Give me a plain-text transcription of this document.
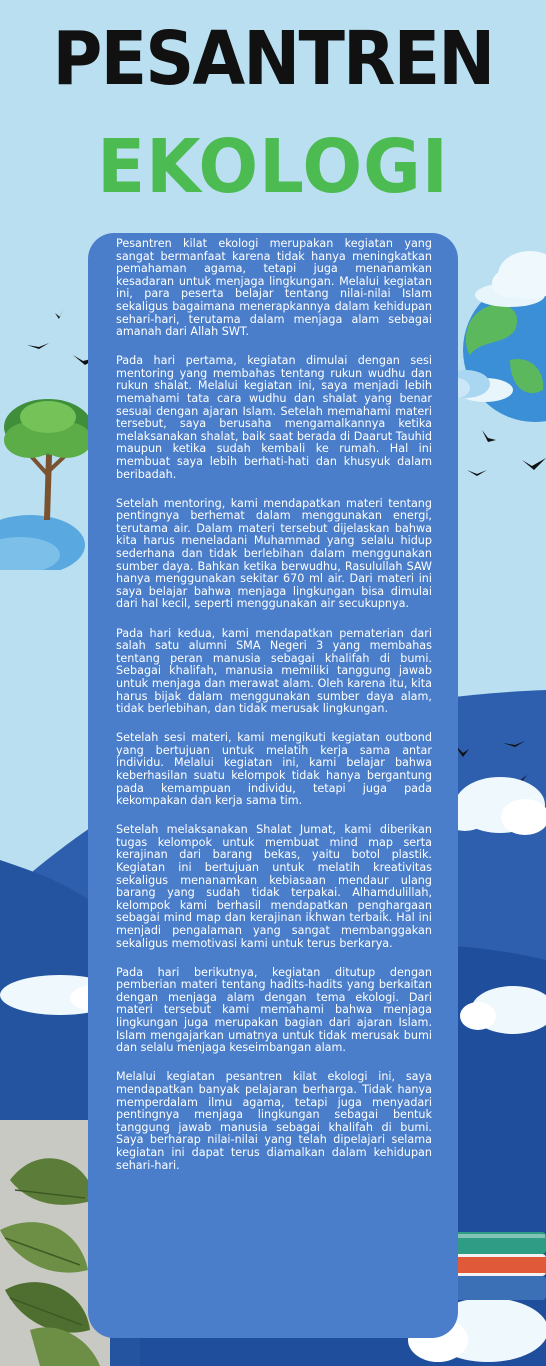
PESANTREN
EKOLOGI

Pesantren kilat ekologi merupakan kegiatan yang sangat bermanfaat karena tidak hanya meningkatkan pemahaman agama, tetapi juga menanamkan kesadaran untuk menjaga lingkungan. Melalui kegiatan ini, para peserta belajar tentang nilai-nilai Islam sekaligus bagaimana menerapkannya dalam kehidupan sehari-hari, terutama dalam menjaga alam sebagai amanah dari Allah SWT.

Pada hari pertama, kegiatan dimulai dengan sesi mentoring yang membahas tentang rukun wudhu dan rukun shalat. Melalui kegiatan ini, saya menjadi lebih memahami tata cara wudhu dan shalat yang benar sesuai dengan ajaran Islam. Setelah memahami materi tersebut, saya berusaha mengamalkannya ketika melaksanakan shalat, baik saat berada di Daarut Tauhid maupun ketika sudah kembali ke rumah. Hal ini membuat saya lebih berhati-hati dan khusyuk dalam beribadah.

Setelah mentoring, kami mendapatkan materi tentang pentingnya berhemat dalam menggunakan energi, terutama air. Dalam materi tersebut dijelaskan bahwa kita harus meneladani Muhammad yang selalu hidup sederhana dan tidak berlebihan dalam menggunakan sumber daya. Bahkan ketika berwudhu, Rasulullah SAW hanya menggunakan sekitar 670 ml air. Dari materi ini saya belajar bahwa menjaga lingkungan bisa dimulai dari hal kecil, seperti menggunakan air secukupnya.

Pada hari kedua, kami mendapatkan pematerian dari salah satu alumni SMA Negeri 3 yang membahas tentang peran manusia sebagai khalifah di bumi. Sebagai khalifah, manusia memiliki tanggung jawab untuk menjaga dan merawat alam. Oleh karena itu, kita harus bijak dalam menggunakan sumber daya alam, tidak berlebihan, dan tidak merusak lingkungan.

Setelah sesi materi, kami mengikuti kegiatan outbond yang bertujuan untuk melatih kerja sama antar individu. Melalui kegiatan ini, kami belajar bahwa keberhasilan suatu kelompok tidak hanya bergantung pada kemampuan individu, tetapi juga pada kekompakan dan kerja sama tim.

Setelah melaksanakan Shalat Jumat, kami diberikan tugas kelompok untuk membuat mind map serta kerajinan dari barang bekas, yaitu botol plastik. Kegiatan ini bertujuan untuk melatih kreativitas sekaligus menanamkan kebiasaan mendaur ulang barang yang sudah tidak terpakai. Alhamdulillah, kelompok kami berhasil mendapatkan penghargaan sebagai mind map dan kerajinan ikhwan terbaik. Hal ini menjadi pengalaman yang sangat membanggakan sekaligus memotivasi kami untuk terus berkarya.

Pada hari berikutnya, kegiatan ditutup dengan pemberian materi tentang hadits-hadits yang berkaitan dengan menjaga alam dengan tema ekologi. Dari materi tersebut kami memahami bahwa menjaga lingkungan juga merupakan bagian dari ajaran Islam. Islam mengajarkan umatnya untuk tidak merusak bumi dan selalu menjaga keseimbangan alam.

Melalui kegiatan pesantren kilat ekologi ini, saya mendapatkan banyak pelajaran berharga. Tidak hanya memperdalam ilmu agama, tetapi juga menyadari pentingnya menjaga lingkungan sebagai bentuk tanggung jawab manusia sebagai khalifah di bumi. Saya berharap nilai-nilai yang telah dipelajari selama kegiatan ini dapat terus diamalkan dalam kehidupan sehari-hari.
